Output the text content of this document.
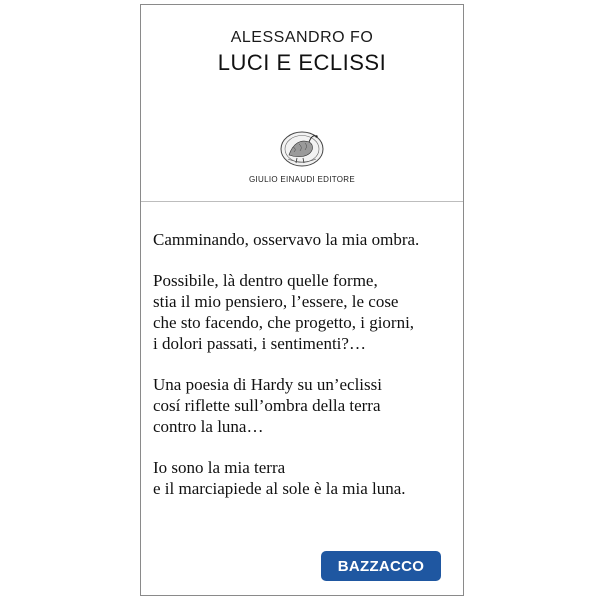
ALESSANDRO FO
LUCI E ECLISSI
GIULIO EINAUDI EDITORE
Camminando, osservavo la mia ombra.
Possibile, là dentro quelle forme,
stia il mio pensiero, l’essere, le cose
che sto facendo, che progetto, i giorni,
i dolori passati, i sentimenti?…
Una poesia di Hardy su un’eclissi
cosí riflette sull’ombra della terra
contro la luna…
Io sono la mia terra
e il marciapiede al sole è la mia luna.
BAZZACCO
